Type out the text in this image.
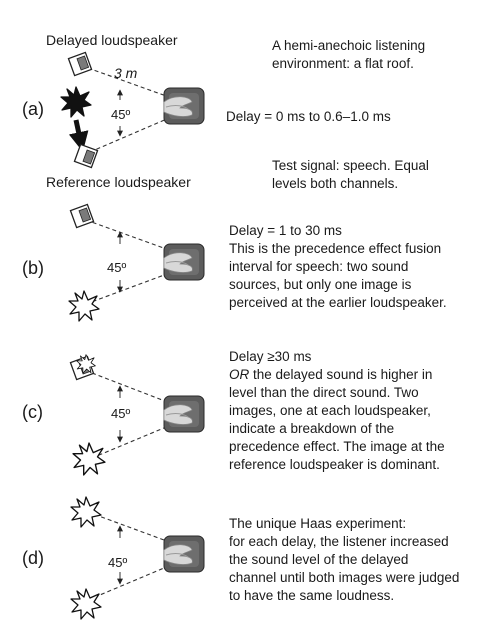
Delayed loudspeaker
3 m
(a)	45º
Reference loudspeaker
A hemi-anechoic listening
environment: a flat roof.
Delay = 0 ms to 0.6–1.0 ms
Test signal: speech. Equal
levels both channels.
(b)	45º
Delay = 1 to 30 ms
This is the precedence effect fusion
interval for speech: two sound
sources, but only one image is
perceived at the earlier loudspeaker.
(c)	45º
Delay ≥30 ms
OR the delayed sound is higher in
level than the direct sound. Two
images, one at each loudspeaker,
indicate a breakdown of the
precedence effect. The image at the
reference loudspeaker is dominant.
(d)	45º
The unique Haas experiment:
for each delay, the listener increased
the sound level of the delayed
channel until both images were judged
to have the same loudness.
